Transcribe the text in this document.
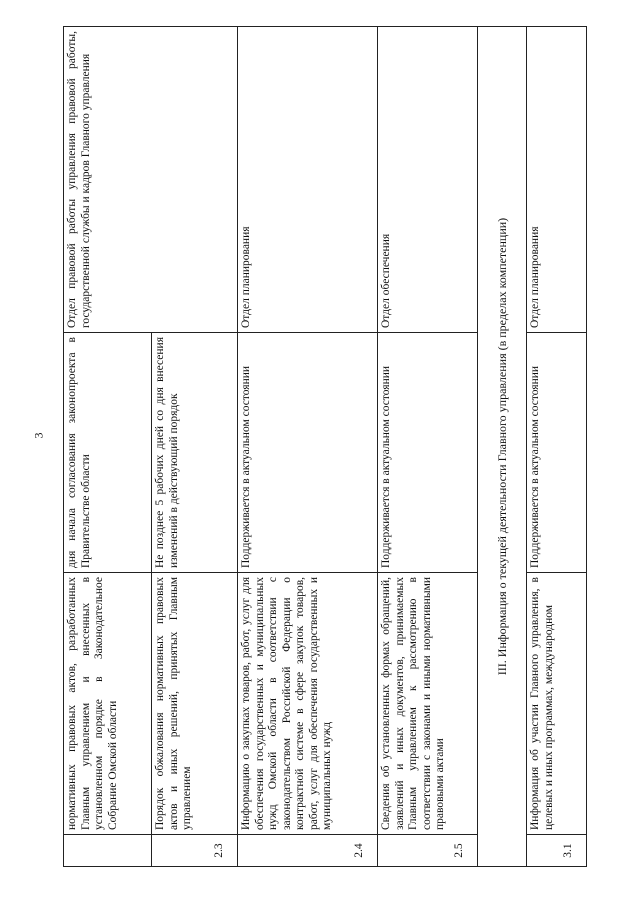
3
	нормативных правовых актов, разработанных Главным управлением и внесенных в установленном порядке в Законодательное Собрание Омской области	дня начала согласования законопроекта в Правительстве области	Отдел правовой работы управления правовой работы, государственной службы и кадров Главного управления
2.3	Порядок обжалования нормативных правовых актов и иных решений, принятых Главным управлением	Не позднее 5 рабочих дней со дня внесения изменений в действующий порядок	
2.4	Информацию о закупках товаров, работ, услуг для обеспечения государственных и муниципальных нужд Омской области в соответствии с законодательством Российской Федерации о контрактной системе в сфере закупок товаров, работ, услуг для обеспечения государственных и муниципальных нужд	Поддерживается в актуальном состоянии	Отдел планирования
2.5	Сведения об установленных формах обращений, заявлений и иных документов, принимаемых Главным управлением к рассмотрению в соответствии с законами и иными нормативными правовыми актами	Поддерживается в актуальном состоянии	Отдел обеспечения
III. Информация о текущей деятельности Главного управления (в пределах компетенции)			
3.1	Информация об участии Главного управления, в целевых и иных программах, международном	Поддерживается в актуальном состоянии	Отдел планирования
